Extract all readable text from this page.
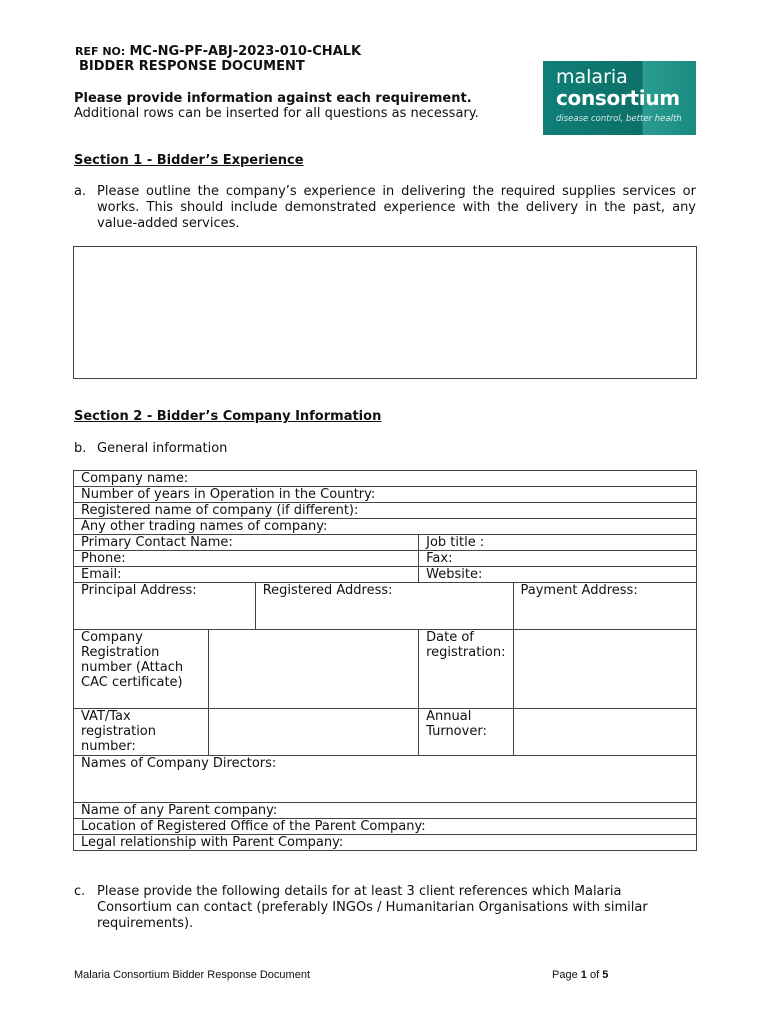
REF NO: MC-NG-PF-ABJ-2023-010-CHALK
BIDDER RESPONSE DOCUMENT
Please provide information against each requirement.
Additional rows can be inserted for all questions as necessary.
malaria
consortium
disease control, better health
Section 1 - Bidder’s Experience
a. Please outline the company’s experience in delivering the required supplies services or works. This should include demonstrated experience with the delivery in the past, any value-added services.
Section 2 - Bidder’s Company Information
b. General information
Company name:				
Number of years in Operation in the Country:				
Registered name of company (if different):				
Any other trading names of company:				
Primary Contact Name:			Job title :	
Phone:			Fax:	
Email:			Website:	
Principal Address:		Registered Address:		Payment Address:
Company Registration number (Attach CAC certificate)			Date of registration:	
VAT/Tax registration number:			Annual Turnover:	
Names of Company Directors:				
Name of any Parent company:				
Location of Registered Office of the Parent Company:				
Legal relationship with Parent Company:				
c. Please provide the following details for at least 3 client references which Malaria Consortium can contact (preferably INGOs / Humanitarian Organisations with similar requirements).
Malaria Consortium Bidder Response Document	Page 1 of 5
